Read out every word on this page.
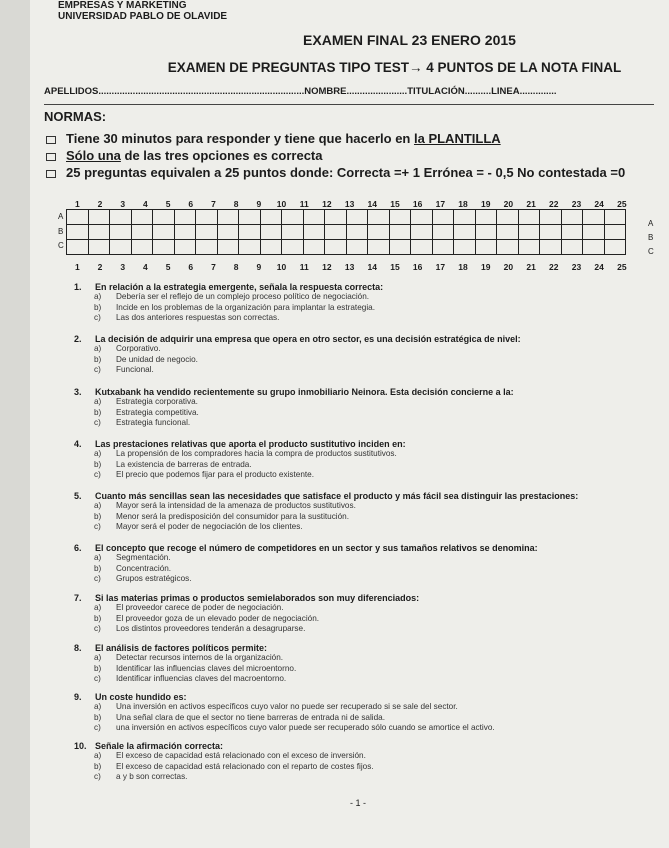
EMPRESAS Y MARKETING
UNIVERSIDAD PABLO DE OLAVIDE
EXAMEN FINAL 23 ENERO 2015
EXAMEN DE PREGUNTAS TIPO TEST→ 4 PUNTOS DE LA NOTA FINAL
APELLIDOS..............................................................................NOMBRE.......................TITULACIÓN..........LINEA..............
NORMAS:
Tiene 30 minutos para responder y tiene que hacerlo en la PLANTILLA
Sólo una de las tres opciones es correcta
25 preguntas equivalen a 25 puntos donde: Correcta =+ 1 Errónea = - 0,5 No contestada =0
1 2 3 4 5 6 7 8 9 10 11 12 13 14 15 16 17 18 19 20 21 22 23 24 25
A
B
C

A
B
C
1 2 3 4 5 6 7 8 9 10 11 12 13 14 15 16 17 18 19 20 21 22 23 24 25
1. En relación a la estrategia emergente, señala la respuesta correcta:
a) Debería ser el reflejo de un complejo proceso político de negociación.
b) Incide en los problemas de la organización para implantar la estrategia.
c) Las dos anteriores respuestas son correctas.
2. La decisión de adquirir una empresa que opera en otro sector, es una decisión estratégica de nivel:
a) Corporativo.
b) De unidad de negocio.
c) Funcional.
3. Kutxabank ha vendido recientemente su grupo inmobiliario Neinora. Esta decisión concierne a la:
a) Estrategia corporativa.
b) Estrategia competitiva.
c) Estrategia funcional.
4. Las prestaciones relativas que aporta el producto sustitutivo inciden en:
a) La propensión de los compradores hacia la compra de productos sustitutivos.
b) La existencia de barreras de entrada.
c) El precio que podemos fijar para el producto existente.
5. Cuanto más sencillas sean las necesidades que satisface el producto y más fácil sea distinguir las prestaciones:
a) Mayor será la intensidad de la amenaza de productos sustitutivos.
b) Menor será la predisposición del consumidor para la sustitución.
c) Mayor será el poder de negociación de los clientes.
6. El concepto que recoge el número de competidores en un sector y sus tamaños relativos se denomina:
a) Segmentación.
b) Concentración.
c) Grupos estratégicos.
7. Si las materias primas o productos semielaborados son muy diferenciados:
a) El proveedor carece de poder de negociación.
b) El proveedor goza de un elevado poder de negociación.
c) Los distintos proveedores tenderán a desagruparse.
8. El análisis de factores políticos permite:
a) Detectar recursos internos de la organización.
b) Identificar las influencias claves del microentorno.
c) Identificar influencias claves del macroentorno.
9. Un coste hundido es:
a) Una inversión en activos específicos cuyo valor no puede ser recuperado si se sale del sector.
b) Una señal clara de que el sector no tiene barreras de entrada ni de salida.
c) una inversión en activos específicos cuyo valor puede ser recuperado sólo cuando se amortice el activo.
10. Señale la afirmación correcta:
a) El exceso de capacidad está relacionado con el exceso de inversión.
b) El exceso de capacidad está relacionado con el reparto de costes fijos.
c) a y b son correctas.
- 1 -
